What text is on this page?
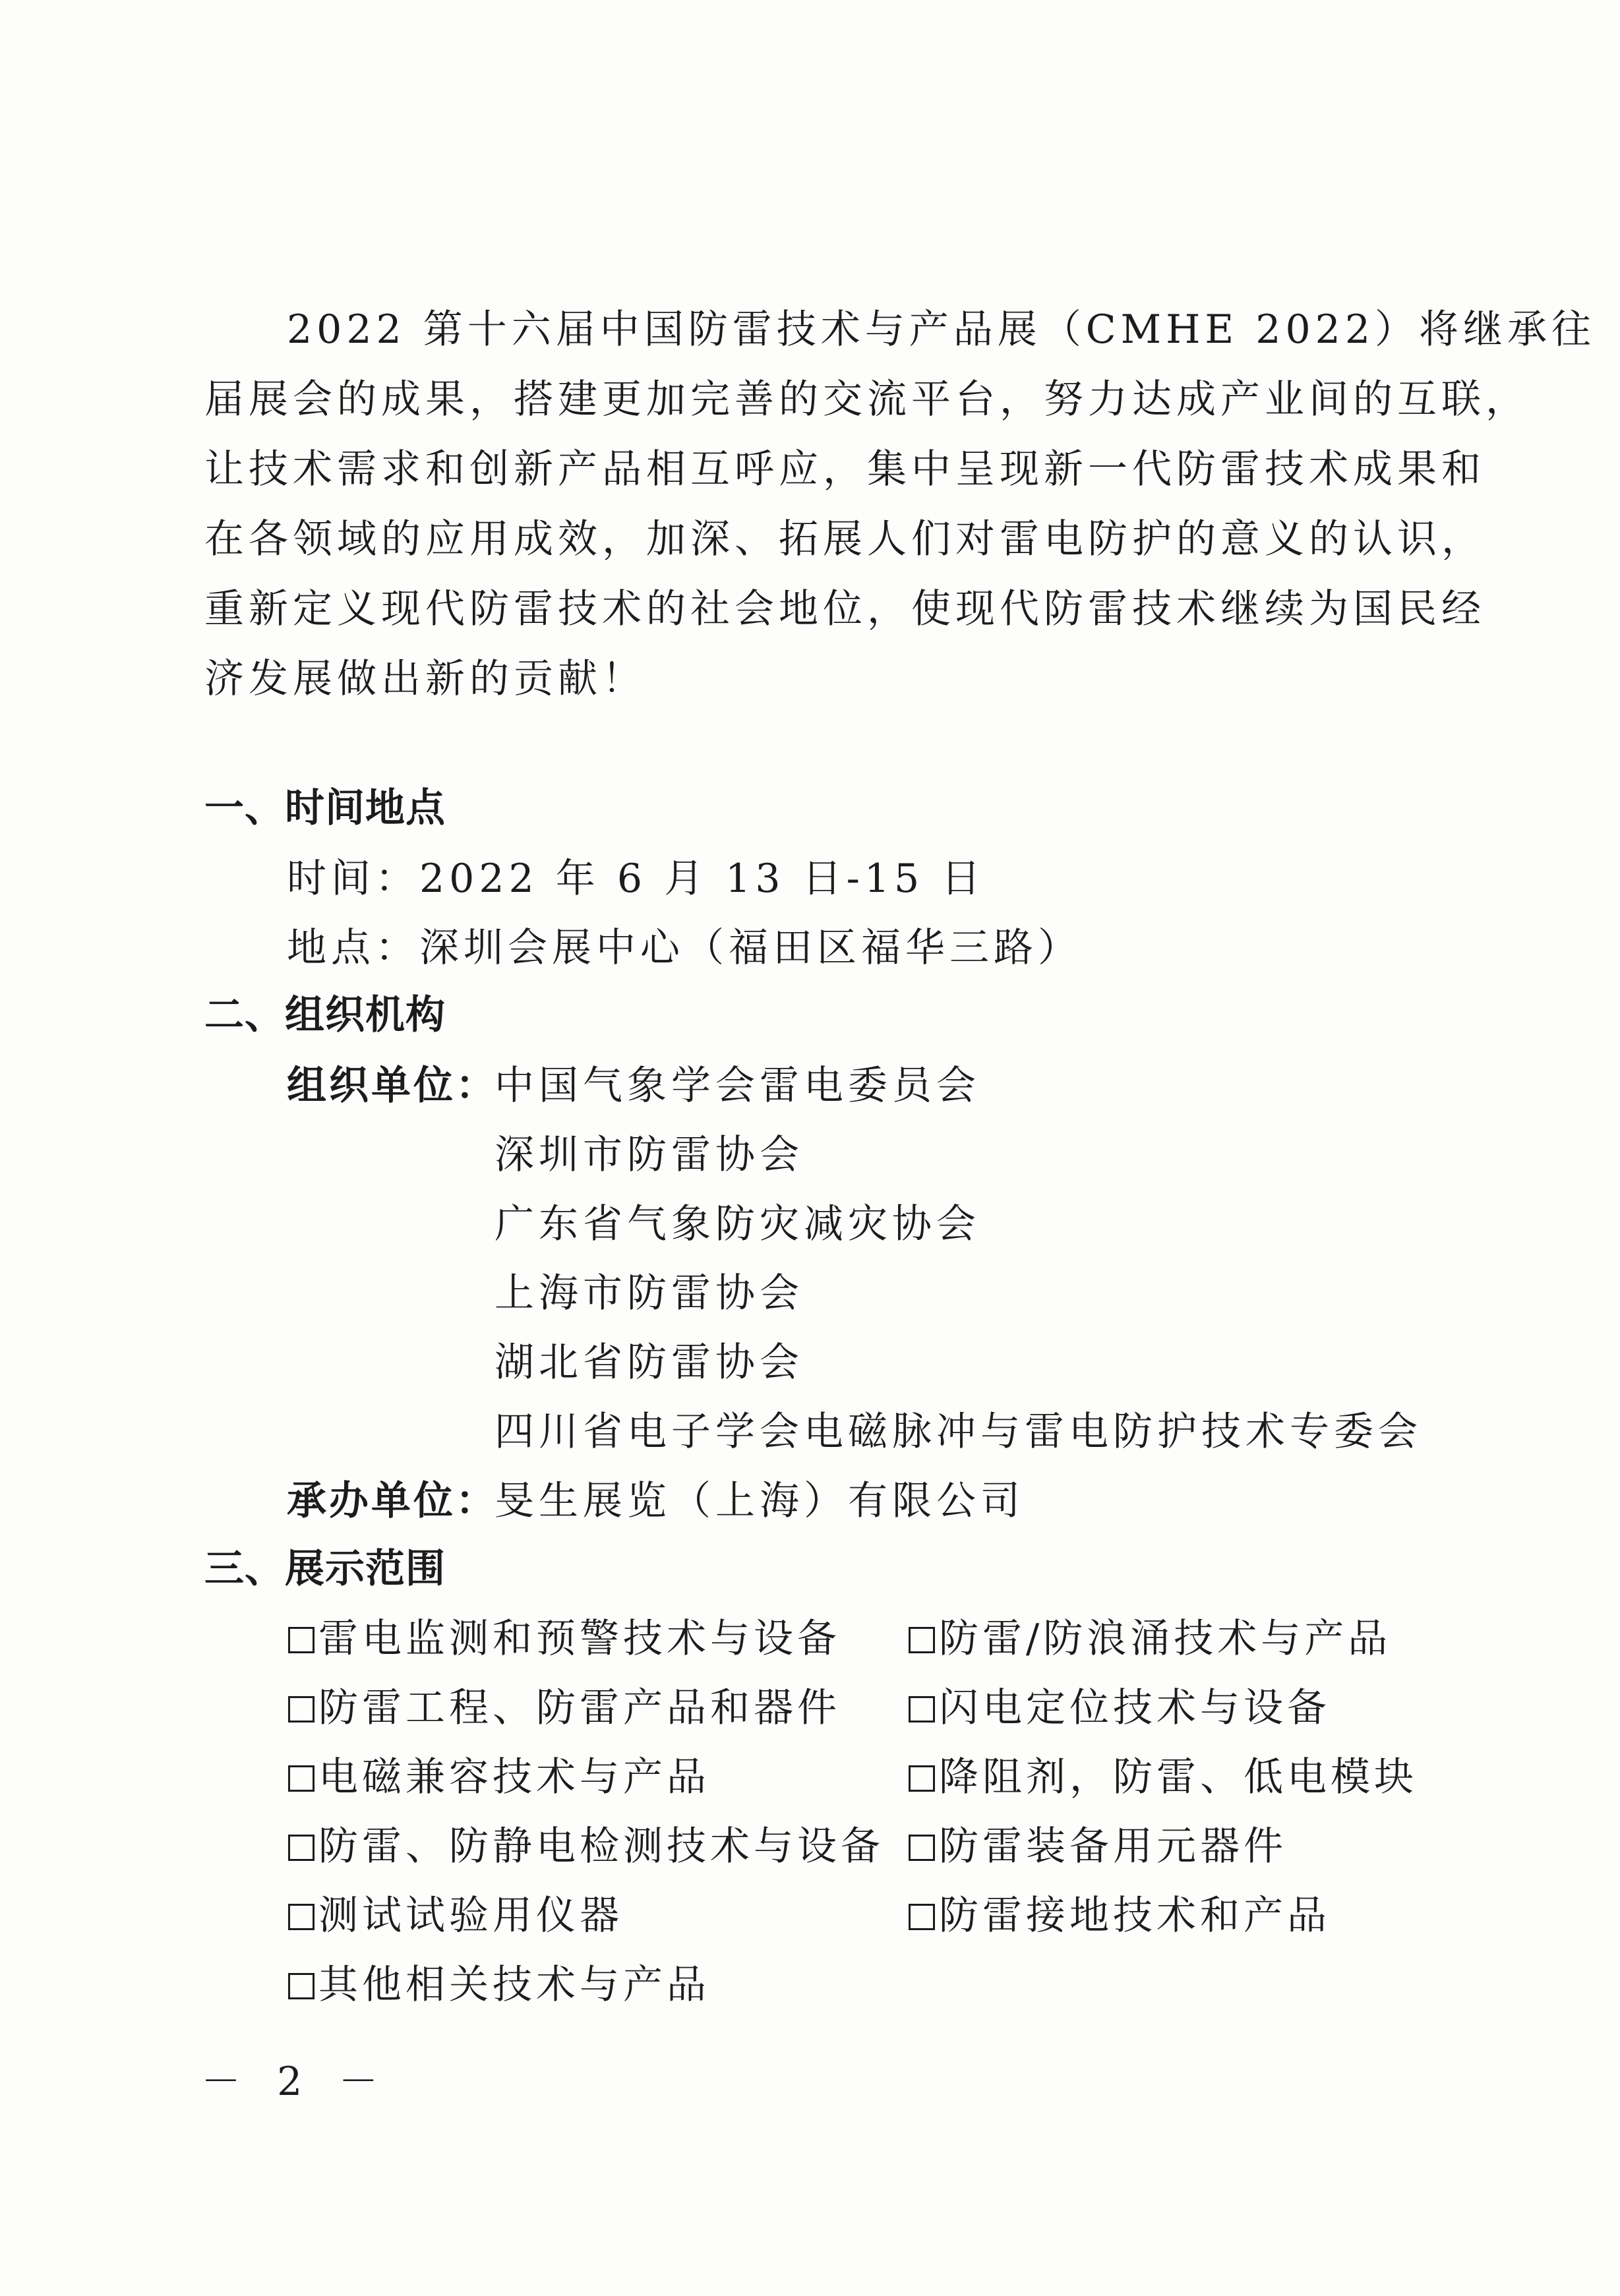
2022 第十六届中国防雷技术与产品展（CMHE 2022）将继承往

届展会的成果，搭建更加完善的交流平台，努力达成产业间的互联，

让技术需求和创新产品相互呼应，集中呈现新一代防雷技术成果和

在各领域的应用成效，加深、拓展人们对雷电防护的意义的认识，

重新定义现代防雷技术的社会地位，使现代防雷技术继续为国民经

济发展做出新的贡献！

一、时间地点
时间：2022 年 6 月 13 日-15 日
地点：深圳会展中心（福田区福华三路）
二、组织机构
组织单位：
中国气象学会雷电委员会
深圳市防雷协会
广东省气象防灾减灾协会
上海市防雷协会
湖北省防雷协会
四川省电子学会电磁脉冲与雷电防护技术专委会
承办单位：
旻生展览（上海）有限公司
三、展示范围
雷电监测和预警技术与设备
防雷工程、防雷产品和器件
电磁兼容技术与产品
防雷、防静电检测技术与设备
测试试验用仪器
其他相关技术与产品
防雷/防浪涌技术与产品
闪电定位技术与设备
降阻剂，防雷、低电模块
防雷装备用元器件
防雷接地技术和产品
－ 2 －
